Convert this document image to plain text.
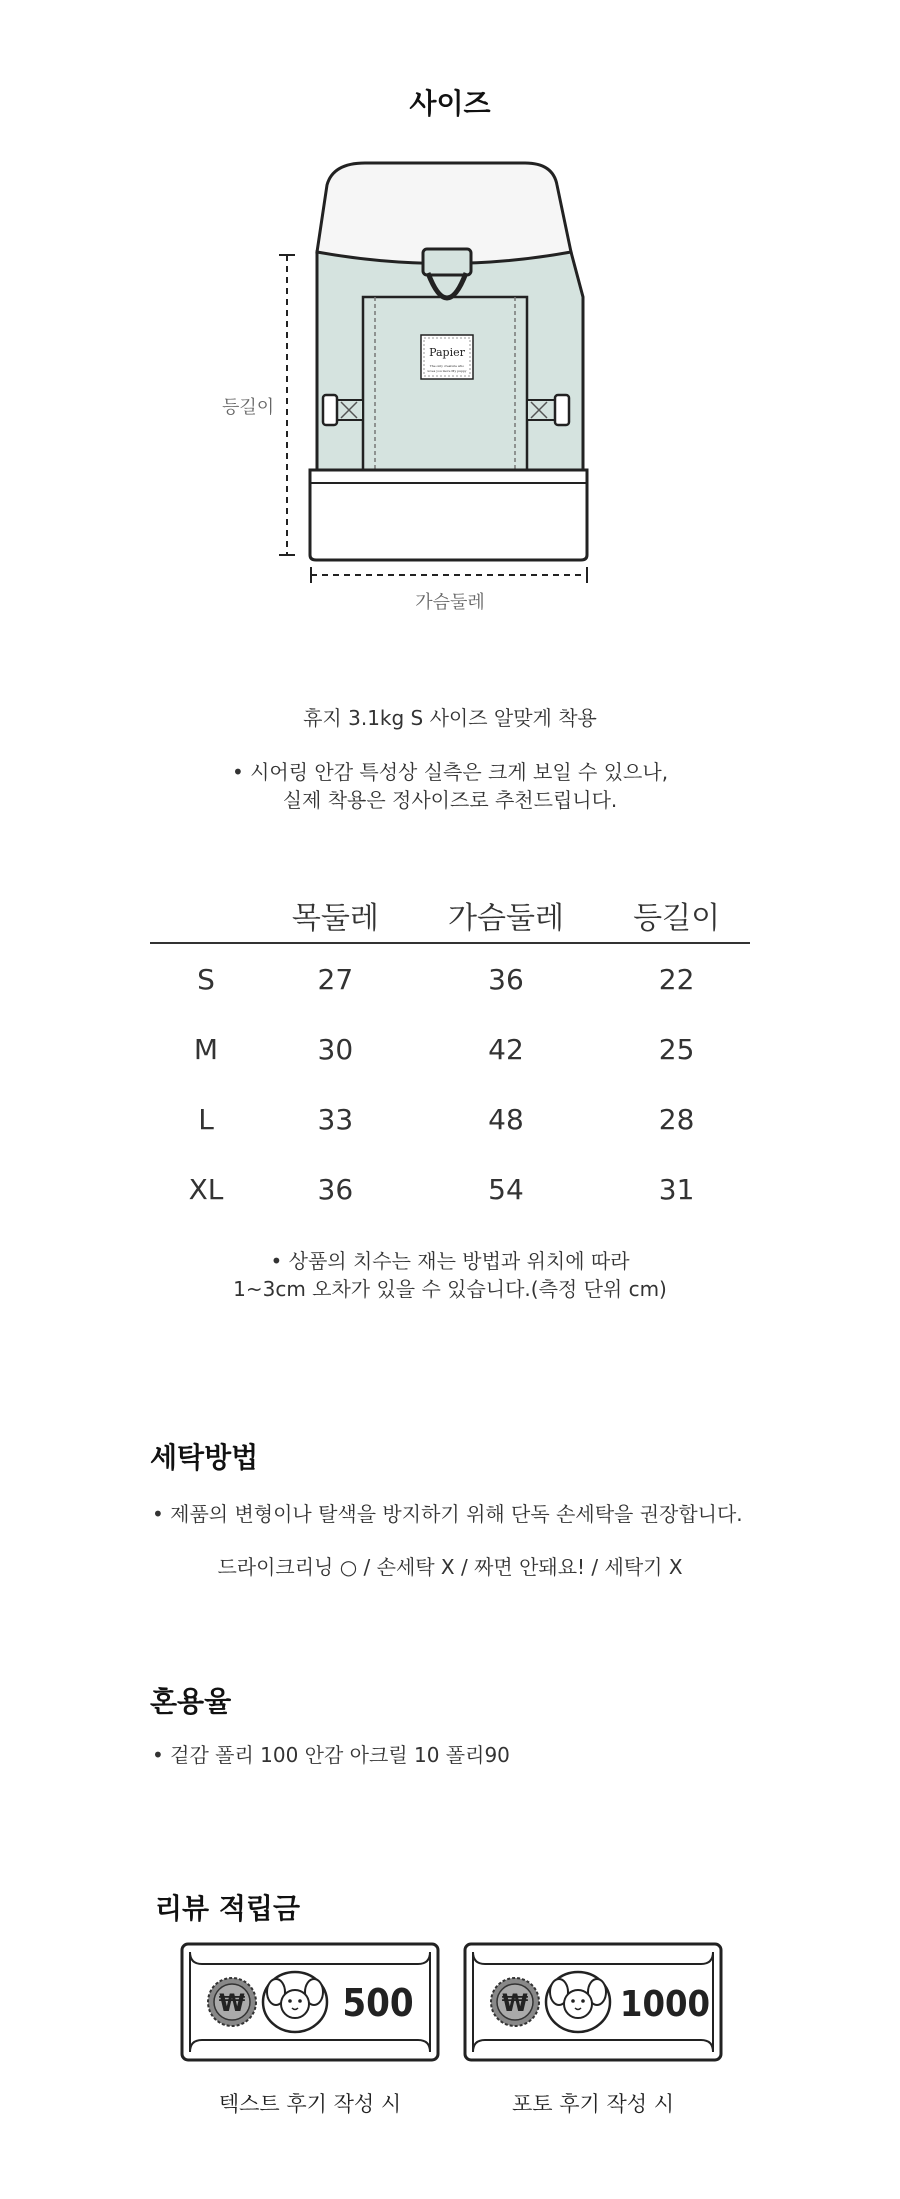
사이즈
Papier
The only creature who
loves you more My puppy
등길이
가슴둘레
휴지 3.1kg S 사이즈 알맞게 착용
• 시어링 안감 특성상 실측은 크게 보일 수 있으나,
실제 착용은 정사이즈로 추천드립니다.
	목둘레	가슴둘레	등길이
S	27	36	22
M	30	42	25
L	33	48	28
XL	36	54	31
• 상품의 치수는 재는 방법과 위치에 따라
1~3cm 오차가 있을 수 있습니다.(측정 단위 cm)
세탁방법
• 제품의 변형이나 탈색을 방지하기 위해 단독 손세탁을 권장합니다.
드라이크리닝 ○ / 손세탁 X / 짜면 안돼요! / 세탁기 X
혼용율
• 겉감 폴리 100 안감 아크릴 10 폴리90
리뷰 적립금
₩	500
텍스트 후기 작성 시
₩	1000
포토 후기 작성 시
